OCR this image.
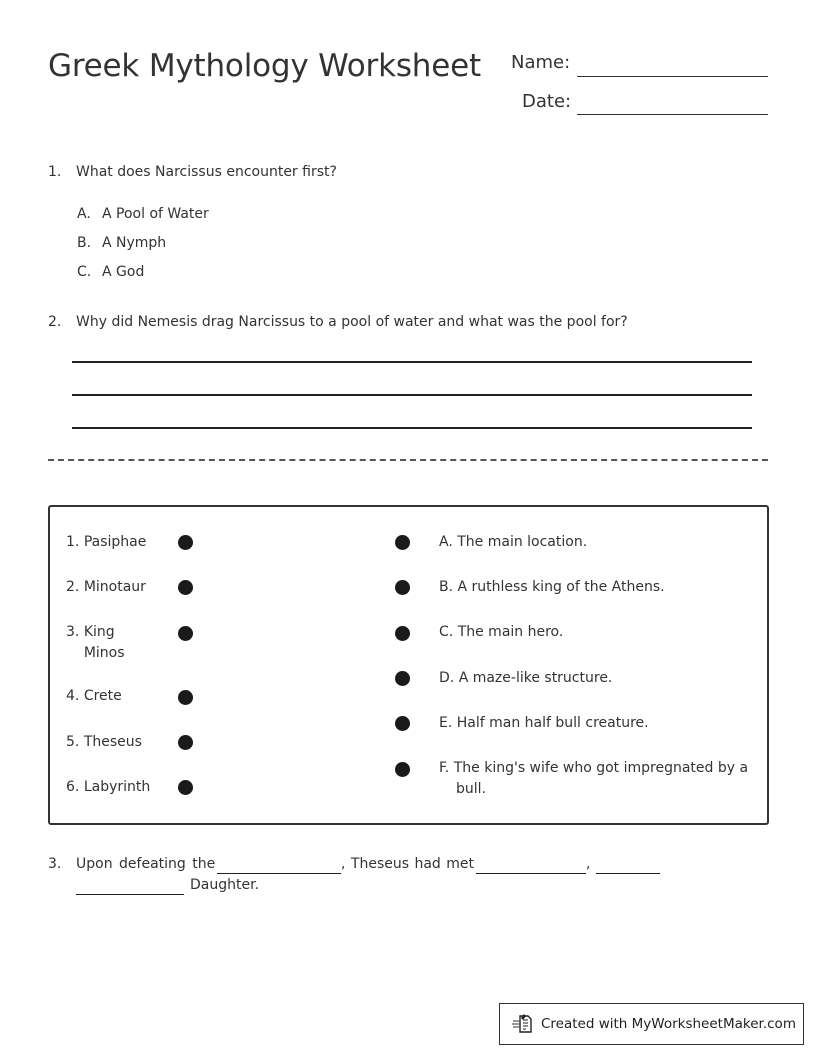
Greek Mythology Worksheet Name:
Date:
1. What does Narcissus encounter first?
A. A Pool of Water
B. A Nymph
C. A God
2. Why did Nemesis drag Narcissus to a pool of water and what was the pool for?
1. Pasiphae
2. Minotaur
3. King Minos
4. Crete
5. Theseus
6. Labyrinth
A. The main location.
B. A ruthless king of the Athens.
C. The main hero.
D. A maze-like structure.
E. Half man half bull creature.
F. The king's wife who got impregnated by a bull.
3. Upon defeating the	, Theseus had met	,
Daughter.
Created with MyWorksheetMaker.com
